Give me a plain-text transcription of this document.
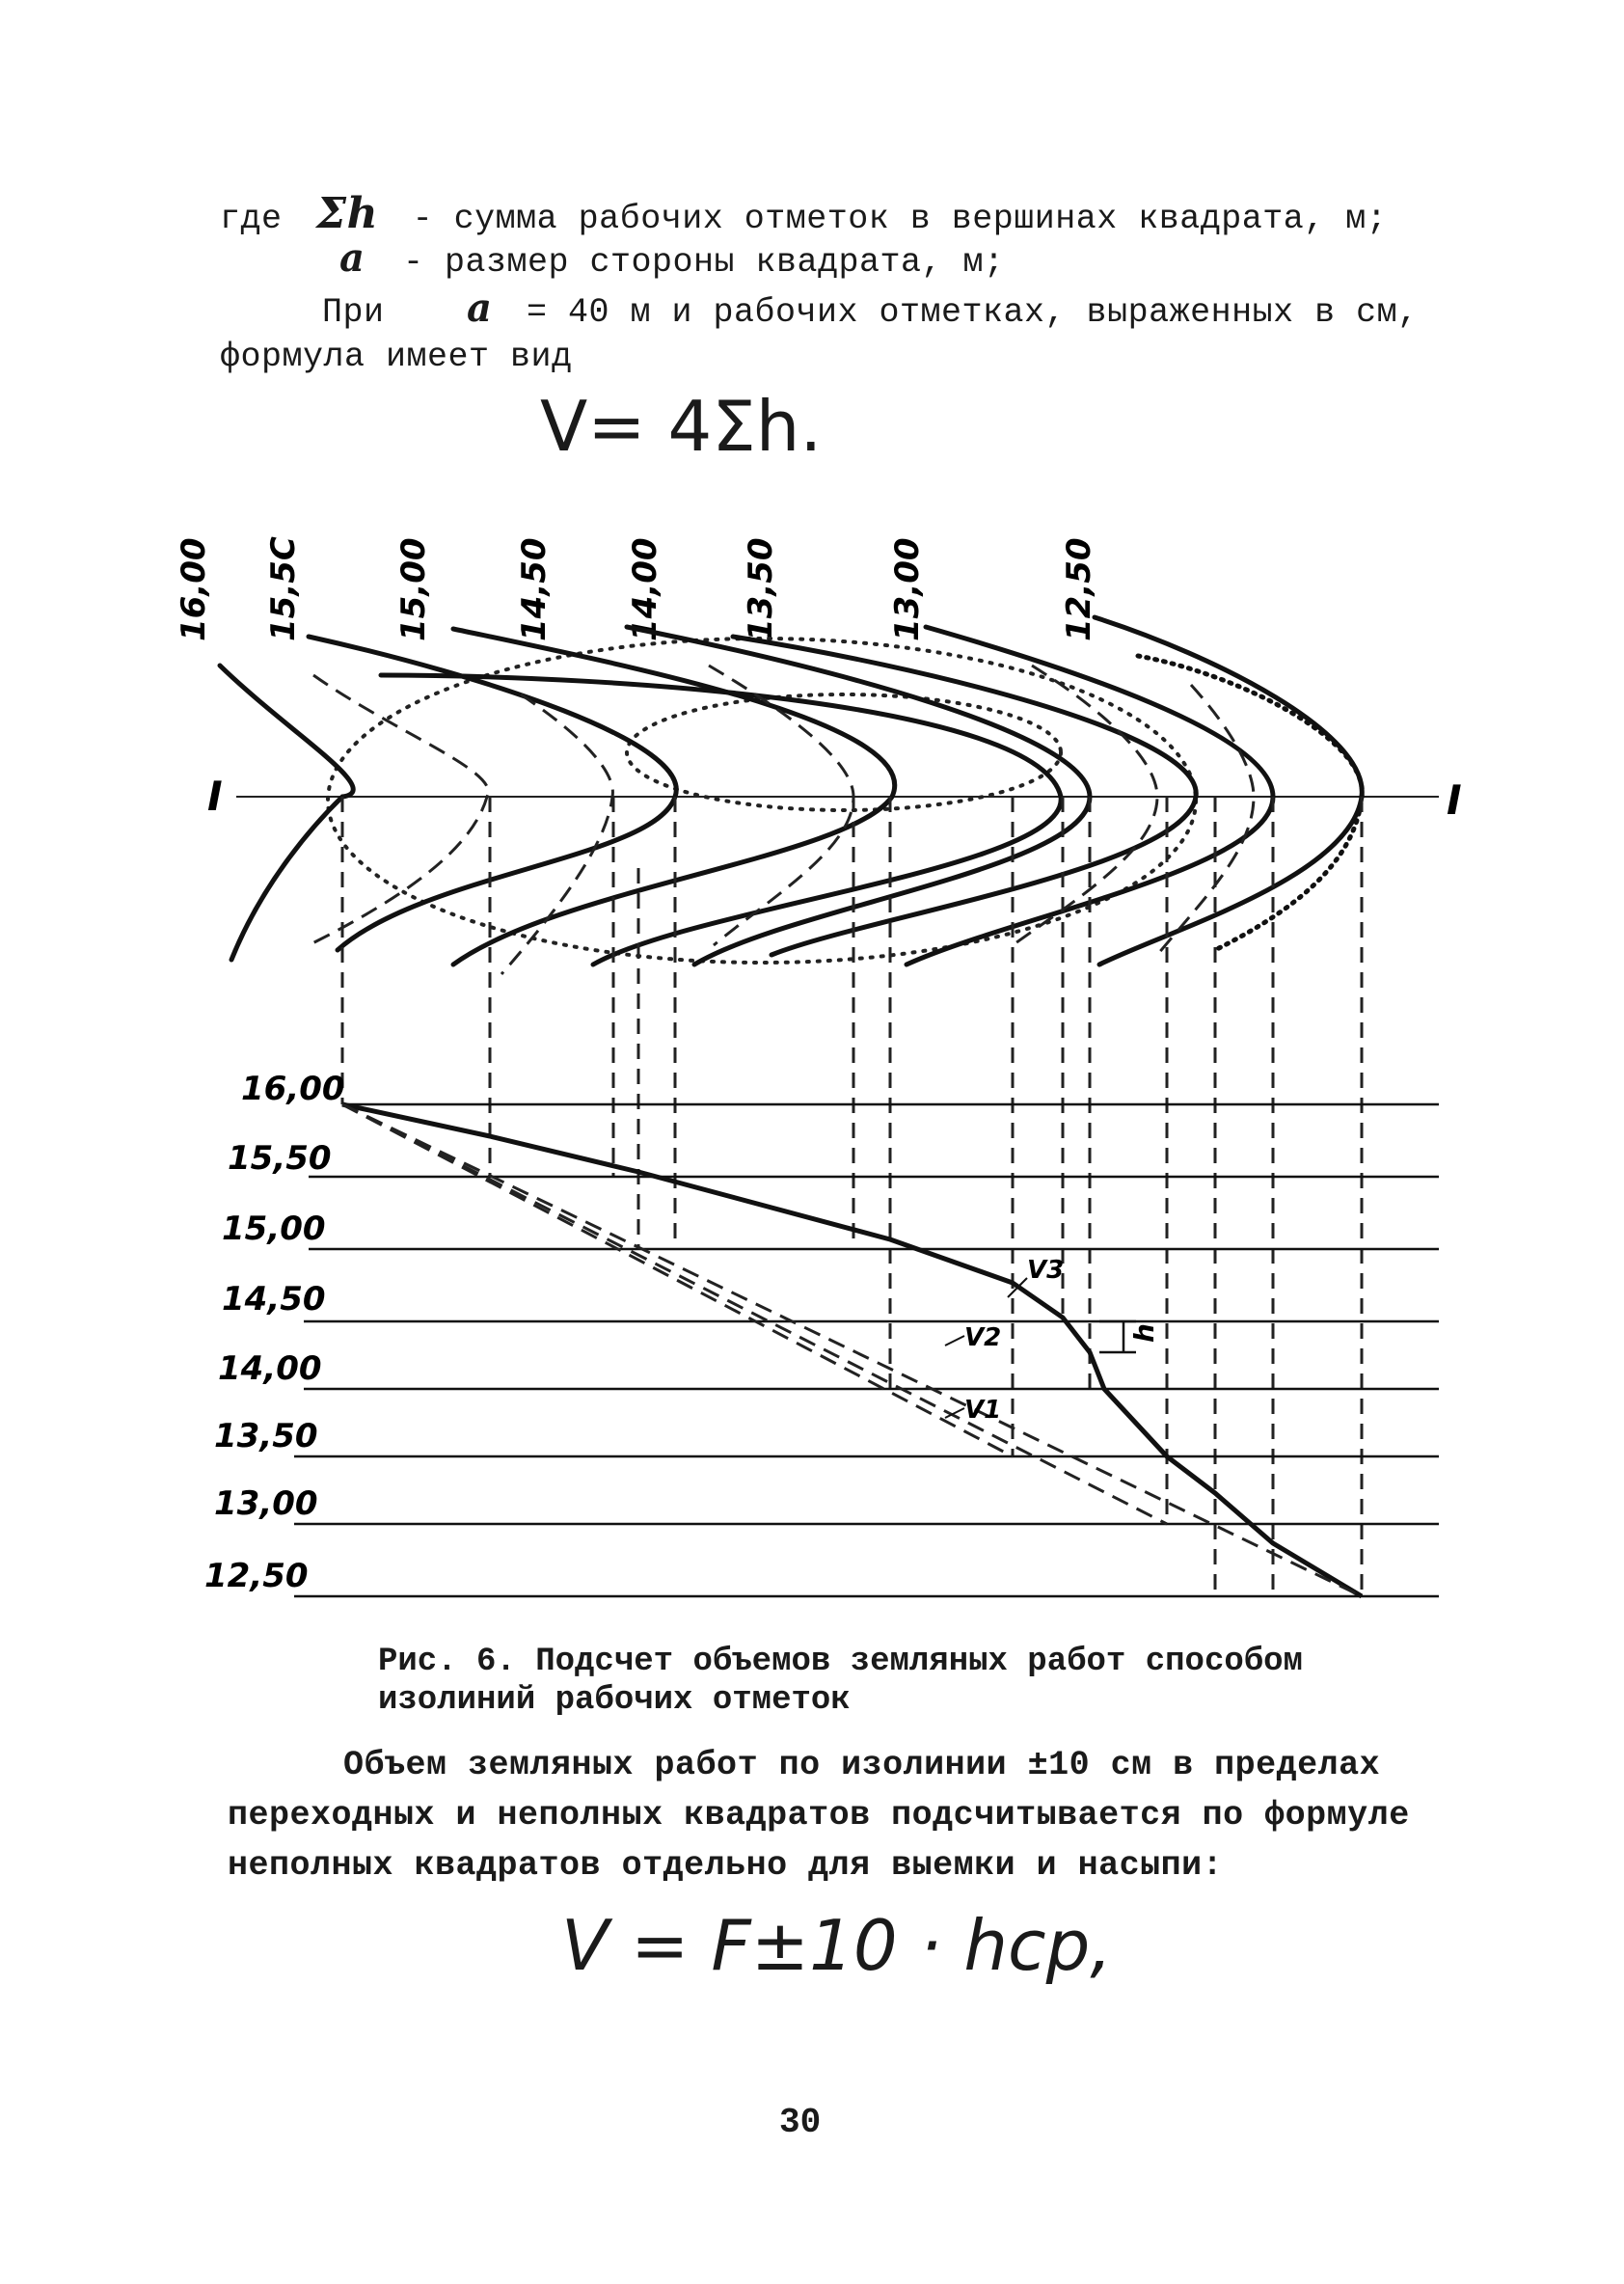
где Σh - сумма рабочих отметок в вершинах квадрата, м;
a - размер стороны квадрата, м;
При a = 40 м и рабочих отметках, выраженных в см,
формула имеет вид
V= 4Σh.
16,00 15,5С	15,00	14,50 14,00 13,50	13,00	12,50
I	I
16,00
15,50
15,00
14,50
14,00
13,50
13,00
12,50
V3
V2
V1
h
Рис. 6. Подсчет объемов земляных работ способом
изолиний рабочих отметок
Объем земляных работ по изолинии ±10 см в пределах
переходных и неполных квадратов подсчитывается по формуле
неполных квадратов отдельно для выемки и насыпи:
V = F±10 · hср,
30
